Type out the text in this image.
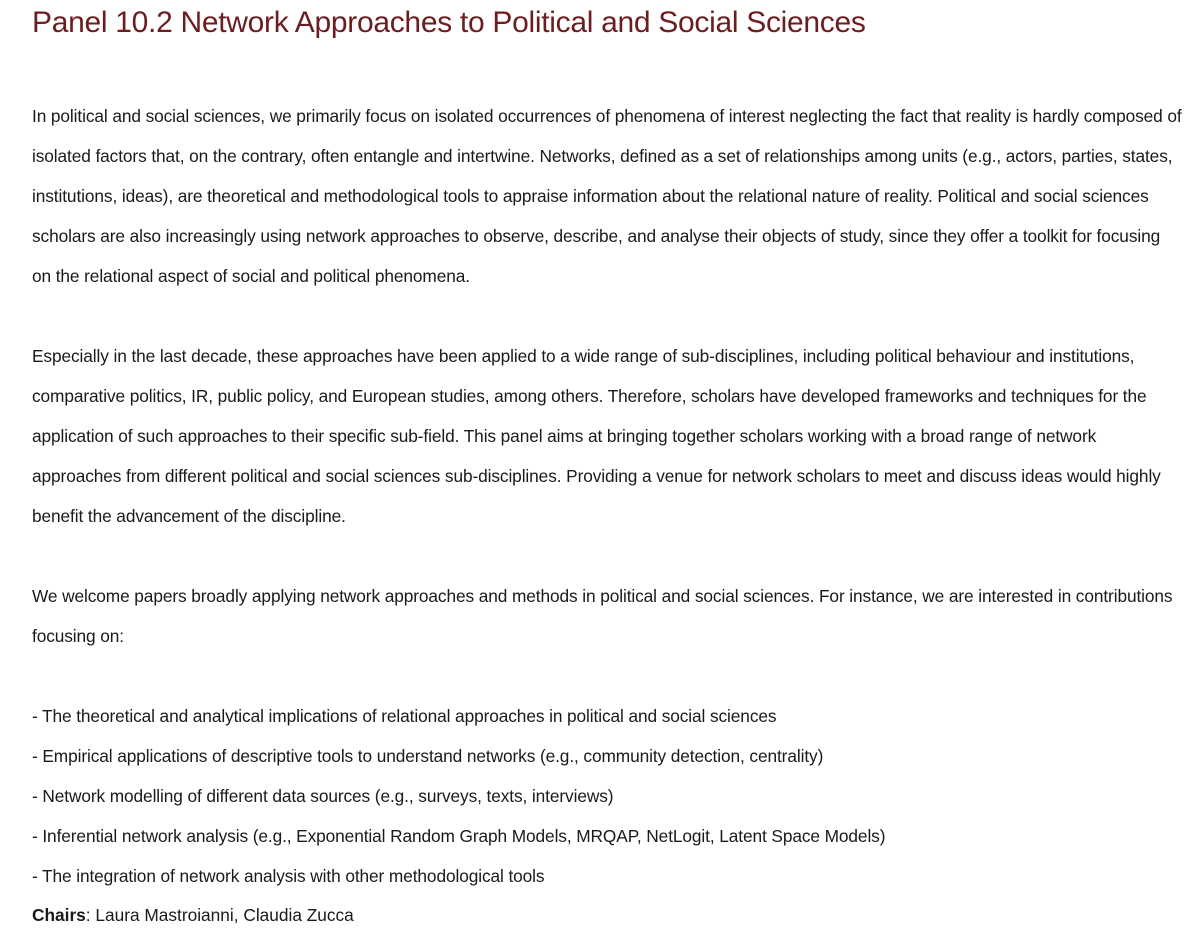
Panel 10.2 Network Approaches to Political and Social Sciences

In political and social sciences, we primarily focus on isolated occurrences of phenomena of interest neglecting the fact that reality is hardly composed of isolated factors that, on the contrary, often entangle and intertwine. Networks, defined as a set of relationships among units (e.g., actors, parties, states, institutions, ideas), are theoretical and methodological tools to appraise information about the relational nature of reality. Political and social sciences scholars are also increasingly using network approaches to observe, describe, and analyse their objects of study, since they offer a toolkit for focusing on the relational aspect of social and political phenomena.

Especially in the last decade, these approaches have been applied to a wide range of sub-disciplines, including political behaviour and institutions, comparative politics, IR, public policy, and European studies, among others. Therefore, scholars have developed frameworks and techniques for the application of such approaches to their specific sub-field. This panel aims at bringing together scholars working with a broad range of network approaches from different political and social sciences sub-disciplines. Providing a venue for network scholars to meet and discuss ideas would highly benefit the advancement of the discipline.

We welcome papers broadly applying network approaches and methods in political and social sciences. For instance, we are interested in contributions focusing on:

- The theoretical and analytical implications of relational approaches in political and social sciences
- Empirical applications of descriptive tools to understand networks (e.g., community detection, centrality)
- Network modelling of different data sources (e.g., surveys, texts, interviews)
- Inferential network analysis (e.g., Exponential Random Graph Models, MRQAP, NetLogit, Latent Space Models)
- The integration of network analysis with other methodological tools

Chairs: Laura Mastroianni, Claudia Zucca
